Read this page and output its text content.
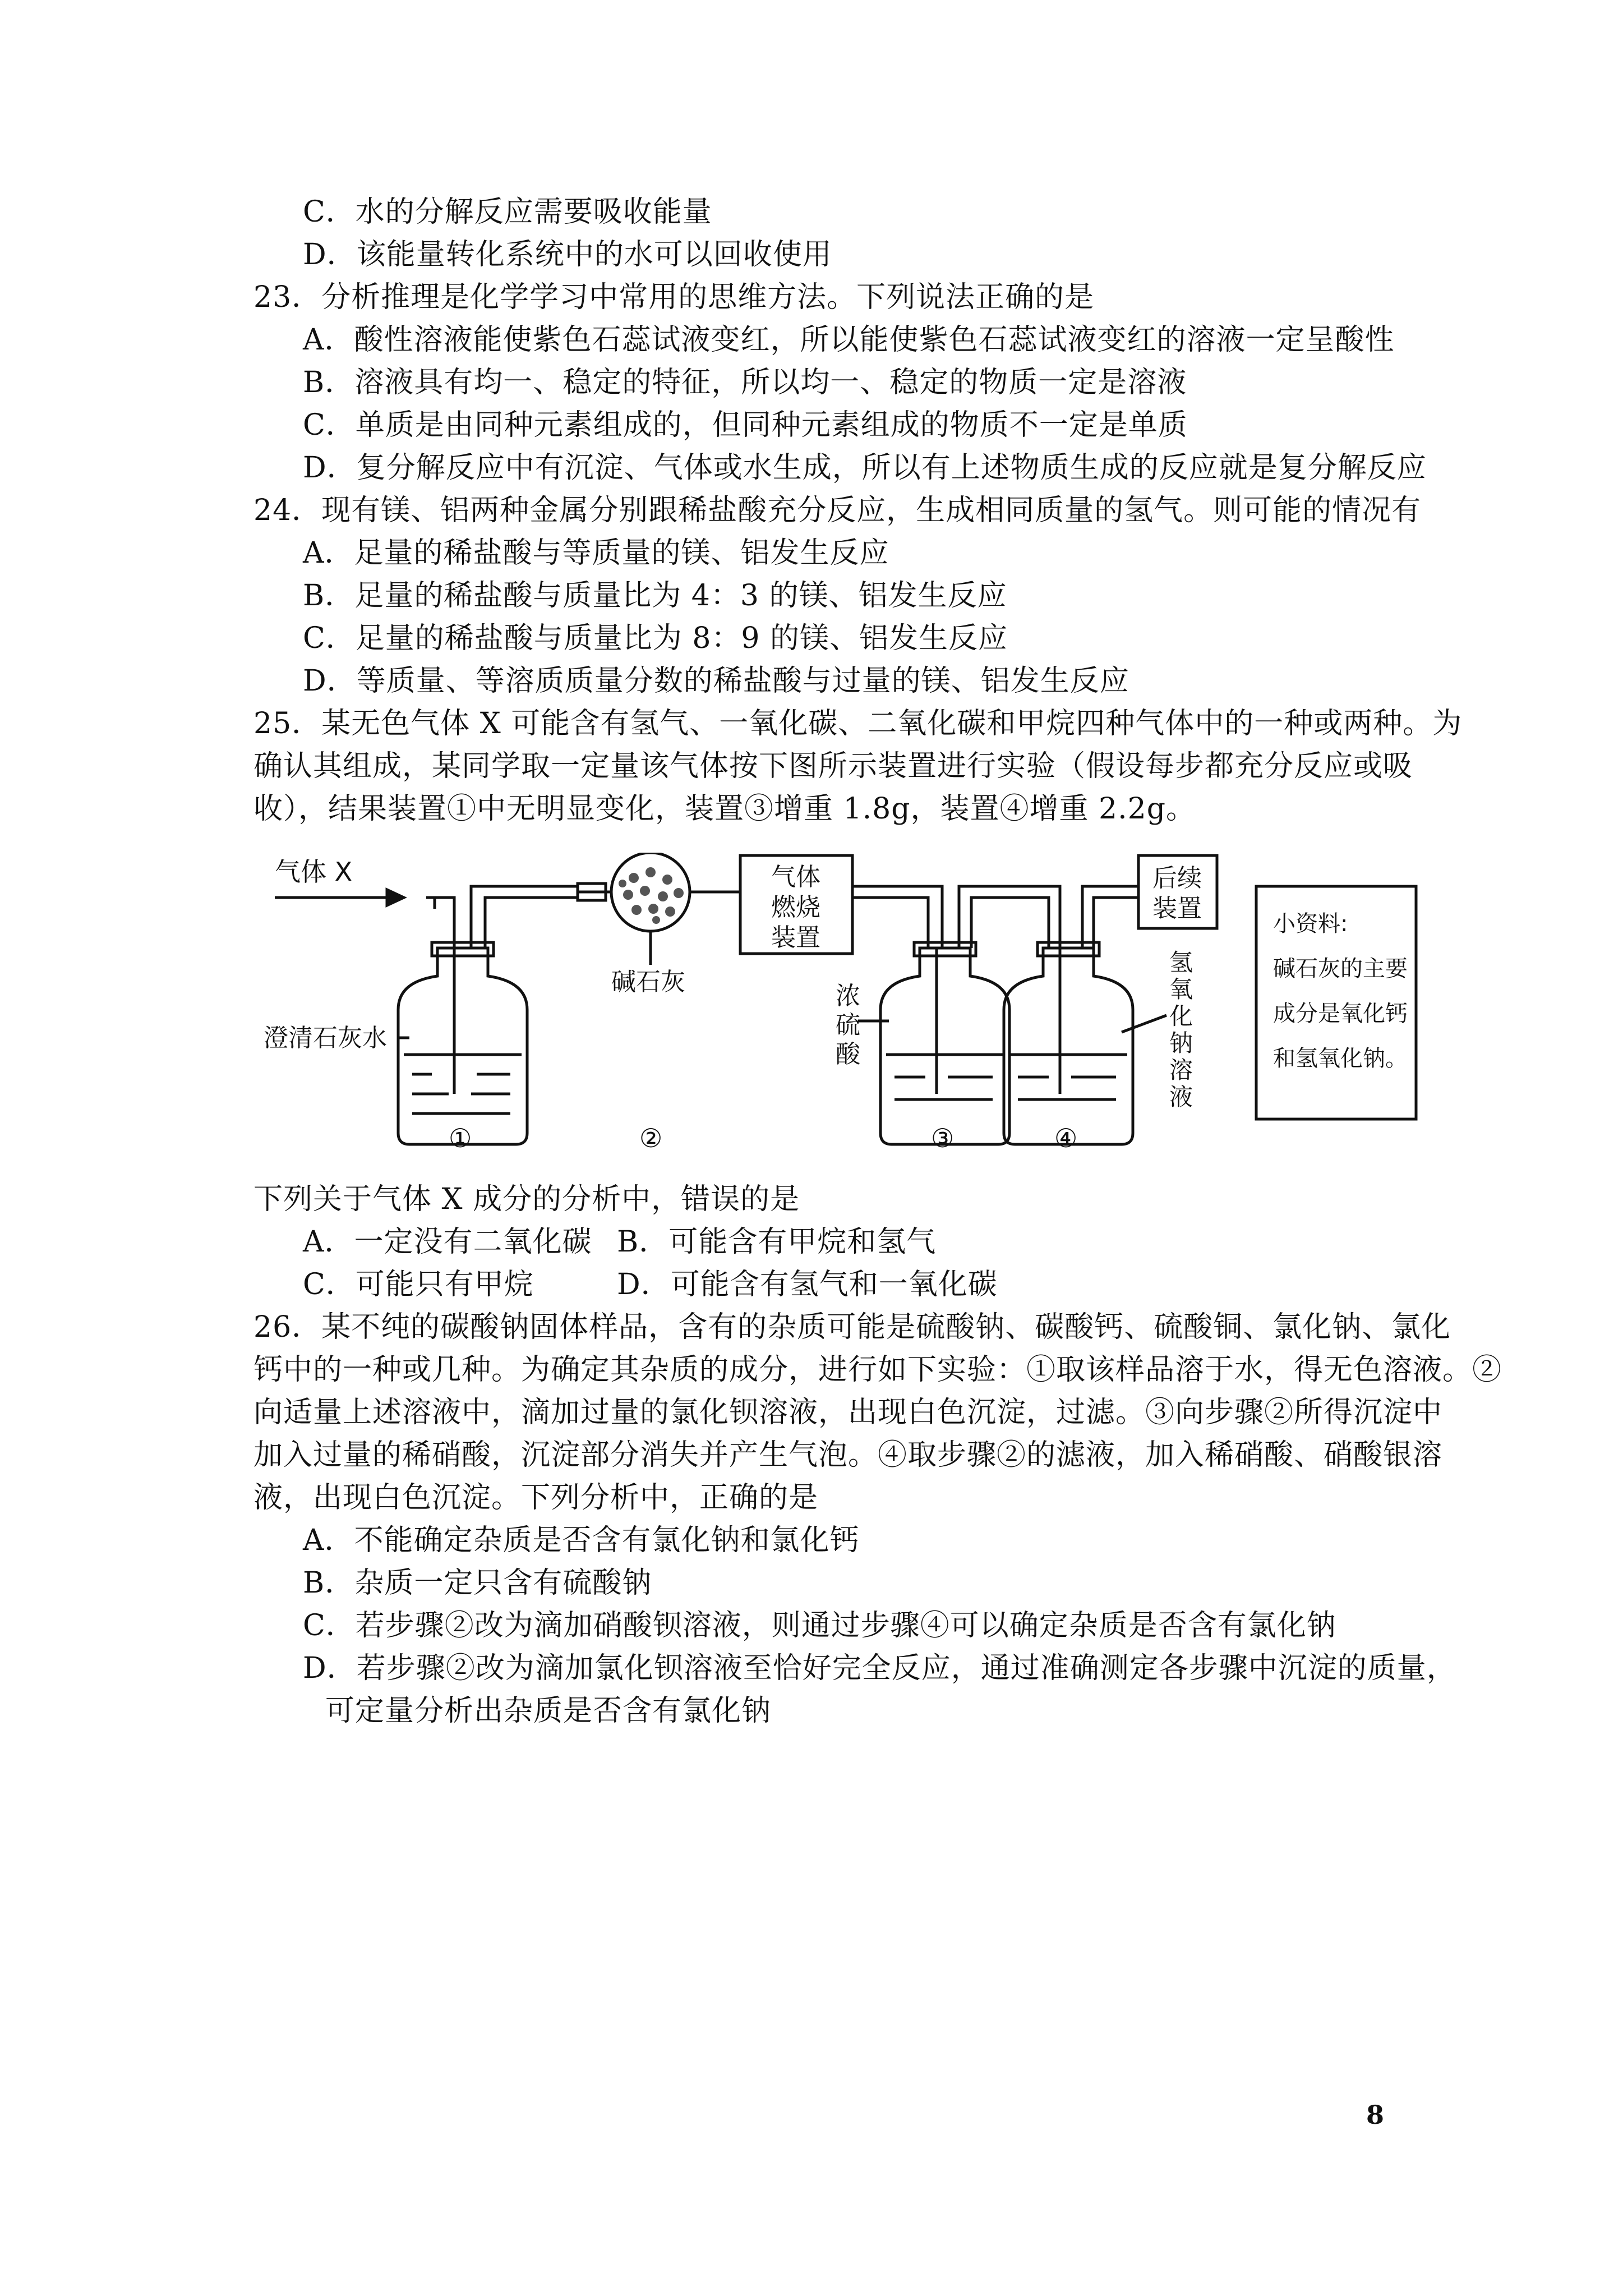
C．水的分解反应需要吸收能量
D．该能量转化系统中的水可以回收使用
23．分析推理是化学学习中常用的思维方法。下列说法正确的是
A．酸性溶液能使紫色石蕊试液变红，所以能使紫色石蕊试液变红的溶液一定呈酸性
B．溶液具有均一、稳定的特征，所以均一、稳定的物质一定是溶液
C．单质是由同种元素组成的，但同种元素组成的物质不一定是单质
D．复分解反应中有沉淀、气体或水生成，所以有上述物质生成的反应就是复分解反应
24．现有镁、铝两种金属分别跟稀盐酸充分反应，生成相同质量的氢气。则可能的情况有
A．足量的稀盐酸与等质量的镁、铝发生反应
B．足量的稀盐酸与质量比为 4：3 的镁、铝发生反应
C．足量的稀盐酸与质量比为 8：9 的镁、铝发生反应
D．等质量、等溶质质量分数的稀盐酸与过量的镁、铝发生反应
25．某无色气体 X 可能含有氢气、一氧化碳、二氧化碳和甲烷四种气体中的一种或两种。为
确认其组成，某同学取一定量该气体按下图所示装置进行实验（假设每步都充分反应或吸
收），结果装置①中无明显变化，装置③增重 1.8g，装置④增重 2.2g。
气体 X
碱石灰
气体
燃烧
装置
后续
装置
澄清石灰水
浓
硫
酸
氢
氧
化
钠
溶
液
①	②	③	④
小资料:
碱石灰的主要
成分是氧化钙
和氢氧化钠。
下列关于气体 X 成分的分析中，错误的是
A．一定没有二氧化碳 B．可能含有甲烷和氢气
C．可能只有甲烷	D．可能含有氢气和一氧化碳
26．某不纯的碳酸钠固体样品，含有的杂质可能是硫酸钠、碳酸钙、硫酸铜、氯化钠、氯化
钙中的一种或几种。为确定其杂质的成分，进行如下实验：①取该样品溶于水，得无色溶液。②
向适量上述溶液中，滴加过量的氯化钡溶液，出现白色沉淀，过滤。③向步骤②所得沉淀中
加入过量的稀硝酸，沉淀部分消失并产生气泡。④取步骤②的滤液，加入稀硝酸、硝酸银溶
液，出现白色沉淀。下列分析中，正确的是
A．不能确定杂质是否含有氯化钠和氯化钙
B．杂质一定只含有硫酸钠
C．若步骤②改为滴加硝酸钡溶液，则通过步骤④可以确定杂质是否含有氯化钠
D．若步骤②改为滴加氯化钡溶液至恰好完全反应，通过准确测定各步骤中沉淀的质量，
可定量分析出杂质是否含有氯化钠
8
